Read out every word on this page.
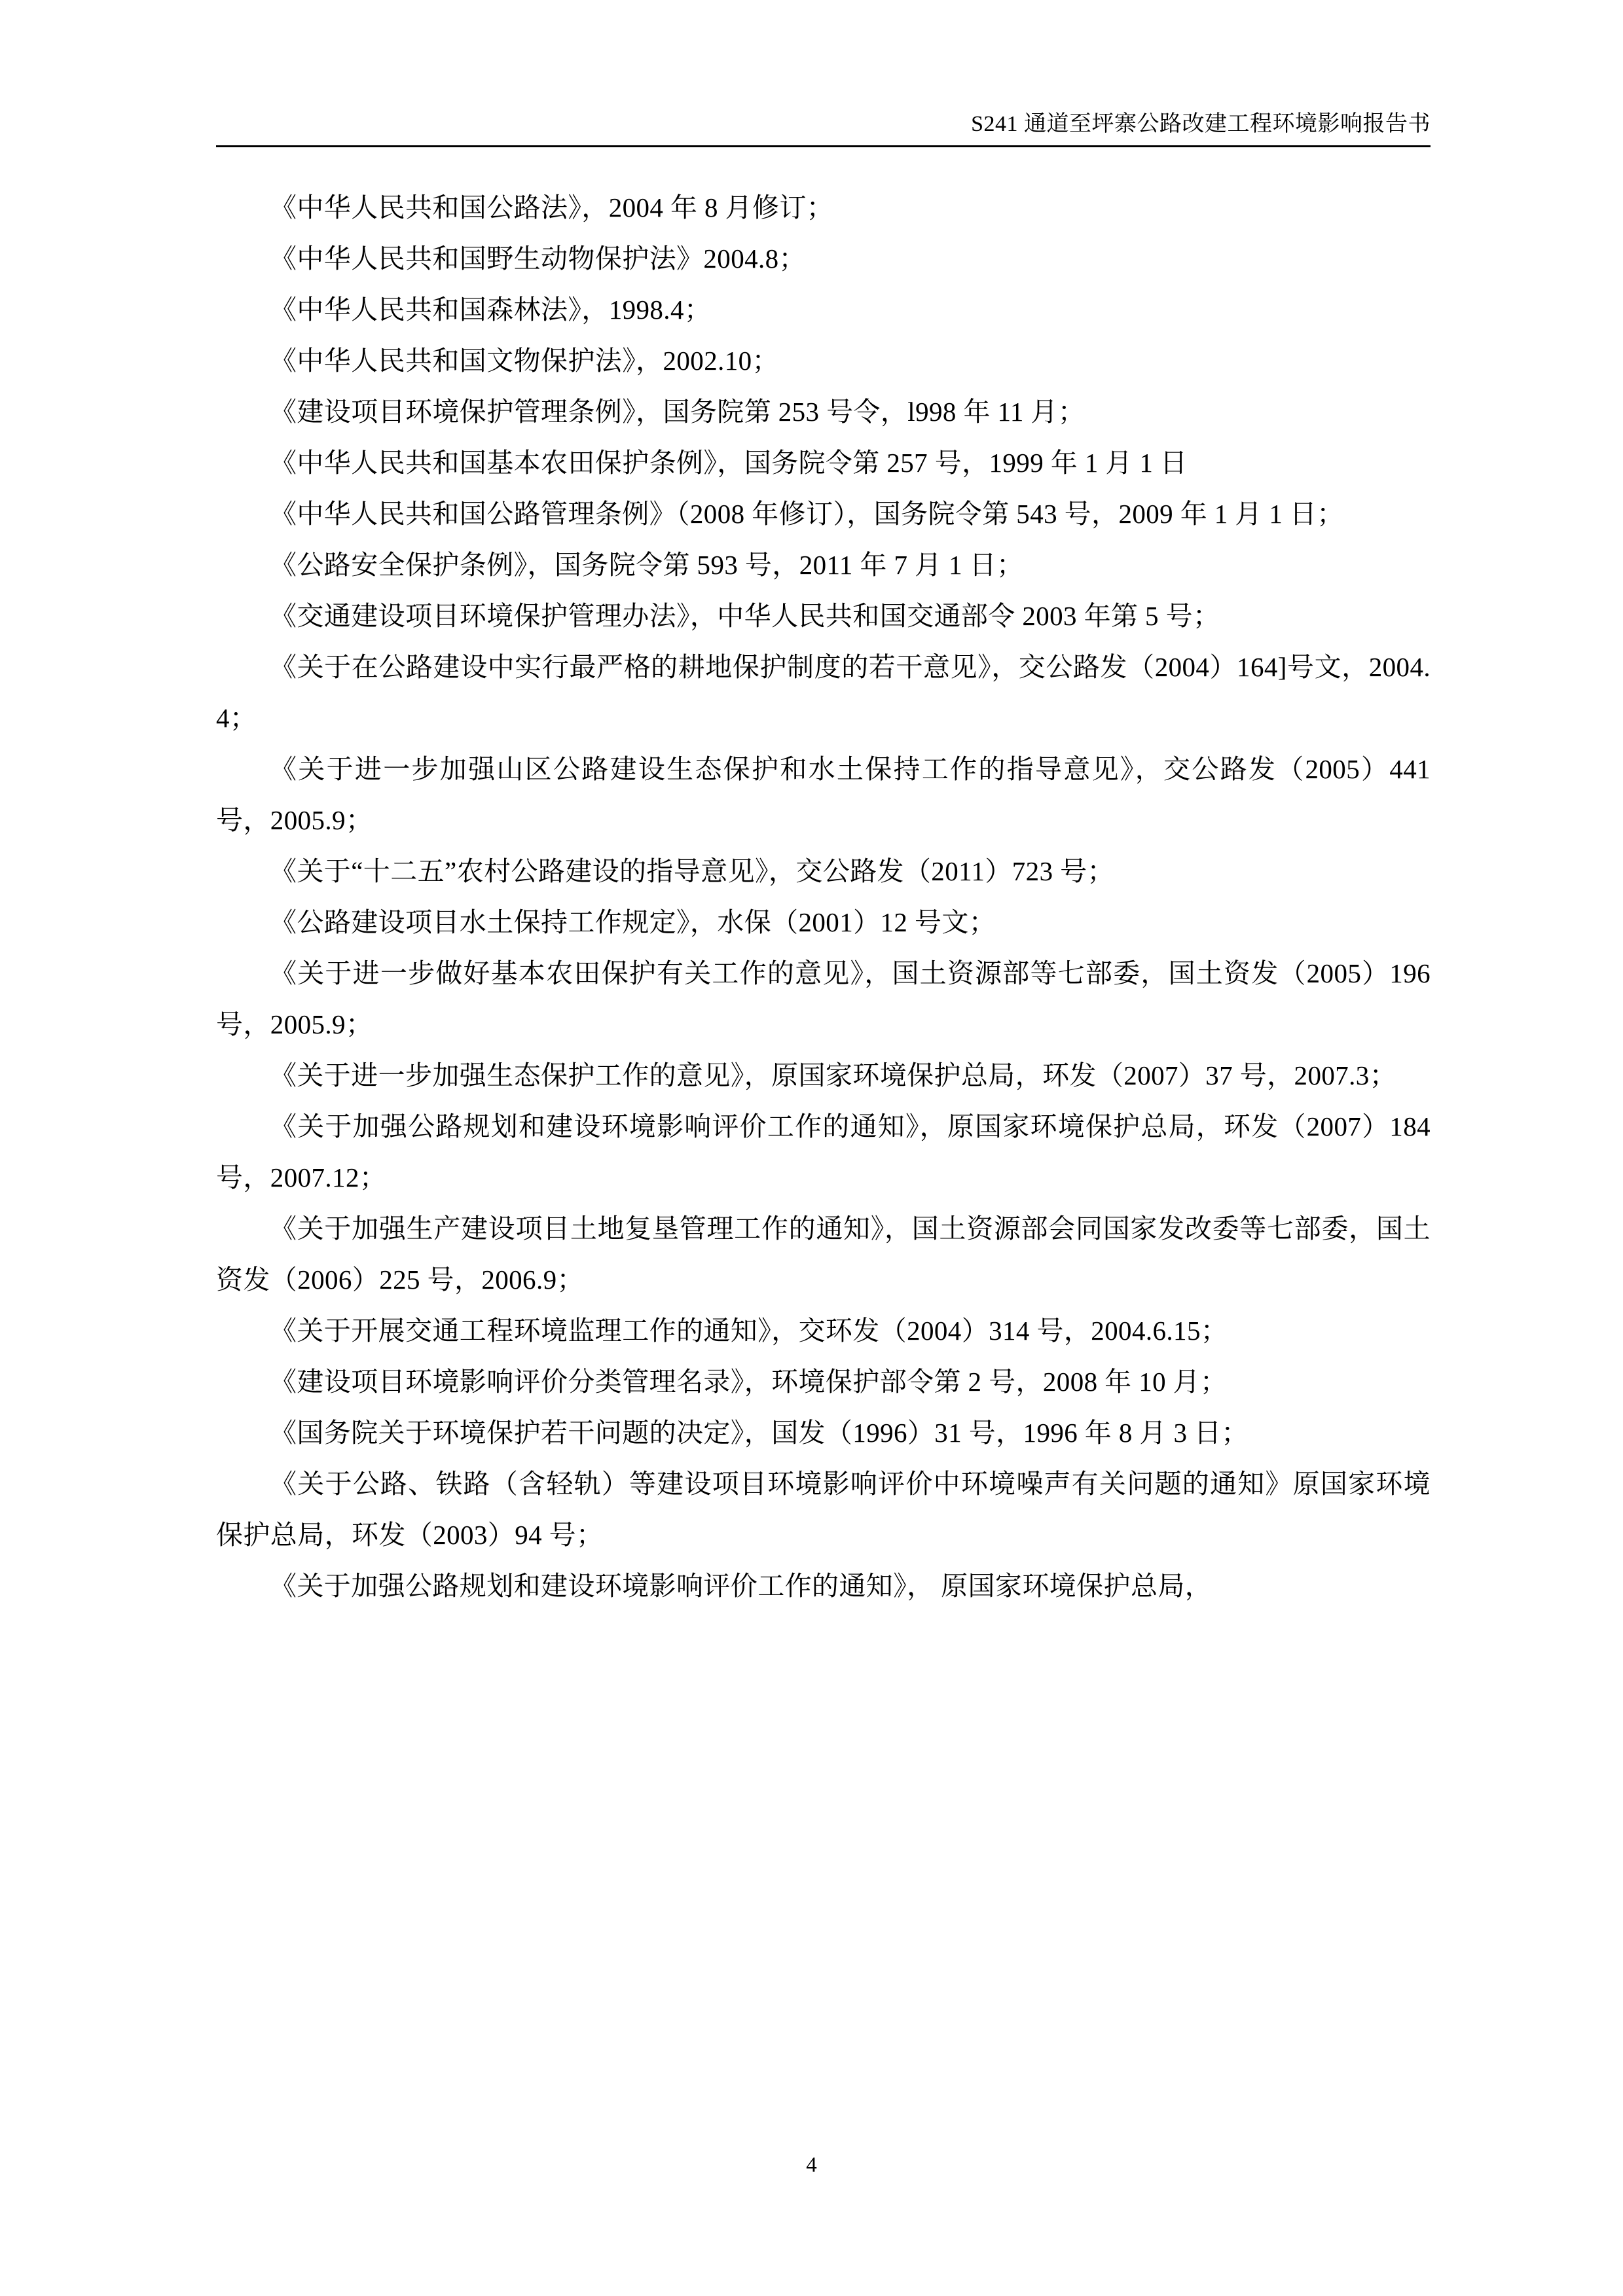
S241 通道至坪寨公路改建工程环境影响报告书

《中华人民共和国公路法》，2004 年 8 月修订；

《中华人民共和国野生动物保护法》2004.8；

《中华人民共和国森林法》，1998.4；

《中华人民共和国文物保护法》，2002.10；

《建设项目环境保护管理条例》，国务院第 253 号令，l998 年 11 月；

《中华人民共和国基本农田保护条例》，国务院令第 257 号，1999 年 1 月 1 日

《中华人民共和国公路管理条例》（2008 年修订），国务院令第 543 号，2009 年 1 月 1 日；

《公路安全保护条例》，国务院令第 593 号，2011 年 7 月 1 日；

《交通建设项目环境保护管理办法》，中华人民共和国交通部令 2003 年第 5 号；

《关于在公路建设中实行最严格的耕地保护制度的若干意见》，交公路发（2004）164]号文，2004.4；

《关于进一步加强山区公路建设生态保护和水土保持工作的指导意见》，交公路发（2005）441 号，2005.9；

《关于“十二五”农村公路建设的指导意见》，交公路发（2011）723 号；

《公路建设项目水土保持工作规定》，水保（2001）12 号文；

《关于进一步做好基本农田保护有关工作的意见》，国土资源部等七部委，国土资发（2005）196 号，2005.9；

《关于进一步加强生态保护工作的意见》，原国家环境保护总局，环发（2007）37 号，2007.3；

《关于加强公路规划和建设环境影响评价工作的通知》，原国家环境保护总局，环发（2007）184 号，2007.12；

《关于加强生产建设项目土地复垦管理工作的通知》，国土资源部会同国家发改委等七部委，国土资发（2006）225 号，2006.9；

《关于开展交通工程环境监理工作的通知》，交环发（2004）314 号，2004.6.15；

《建设项目环境影响评价分类管理名录》，环境保护部令第 2 号，2008 年 10 月；

《国务院关于环境保护若干问题的决定》，国发（1996）31 号，1996 年 8 月 3 日；

《关于公路、铁路（含轻轨）等建设项目环境影响评价中环境噪声有关问题的通知》原国家环境保护总局，环发（2003）94 号；

《关于加强公路规划和建设环境影响评价工作的通知》， 原国家环境保护总局，

4
